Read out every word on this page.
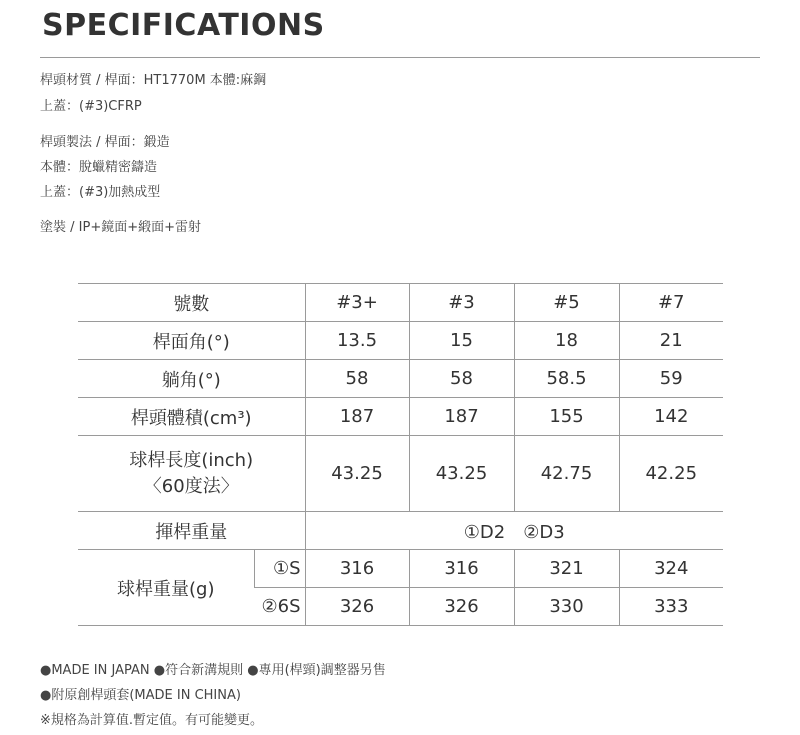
SPECIFICATIONS
桿頭材質 / 桿面：HT1770M 本體:麻鋼
上蓋：(#3)CFRP
桿頭製法 / 桿面：鍛造
本體：脫蠟精密鑄造
上蓋：(#3)加熱成型
塗裝 / IP+鏡面+緞面+雷射
號數		#3+	#3	#5	#7
桿面角(°)		13.5	15	18	21
躺角(°)		58	58	58.5	59
桿頭體積(cm³)		187	187	155	142

球桿長度(inch)
〈60度法〉		43.25	43.25	42.75	42.25
揮桿重量		①D2　②D3			
球桿重量(g)	①S	316	316	321	324
	②6S	326	326	330	333
●MADE IN JAPAN ●符合新溝規則 ●專用(桿頸)調整器另售
●附原創桿頭套(MADE IN CHINA)
※規格為計算值.暫定值。有可能變更。
